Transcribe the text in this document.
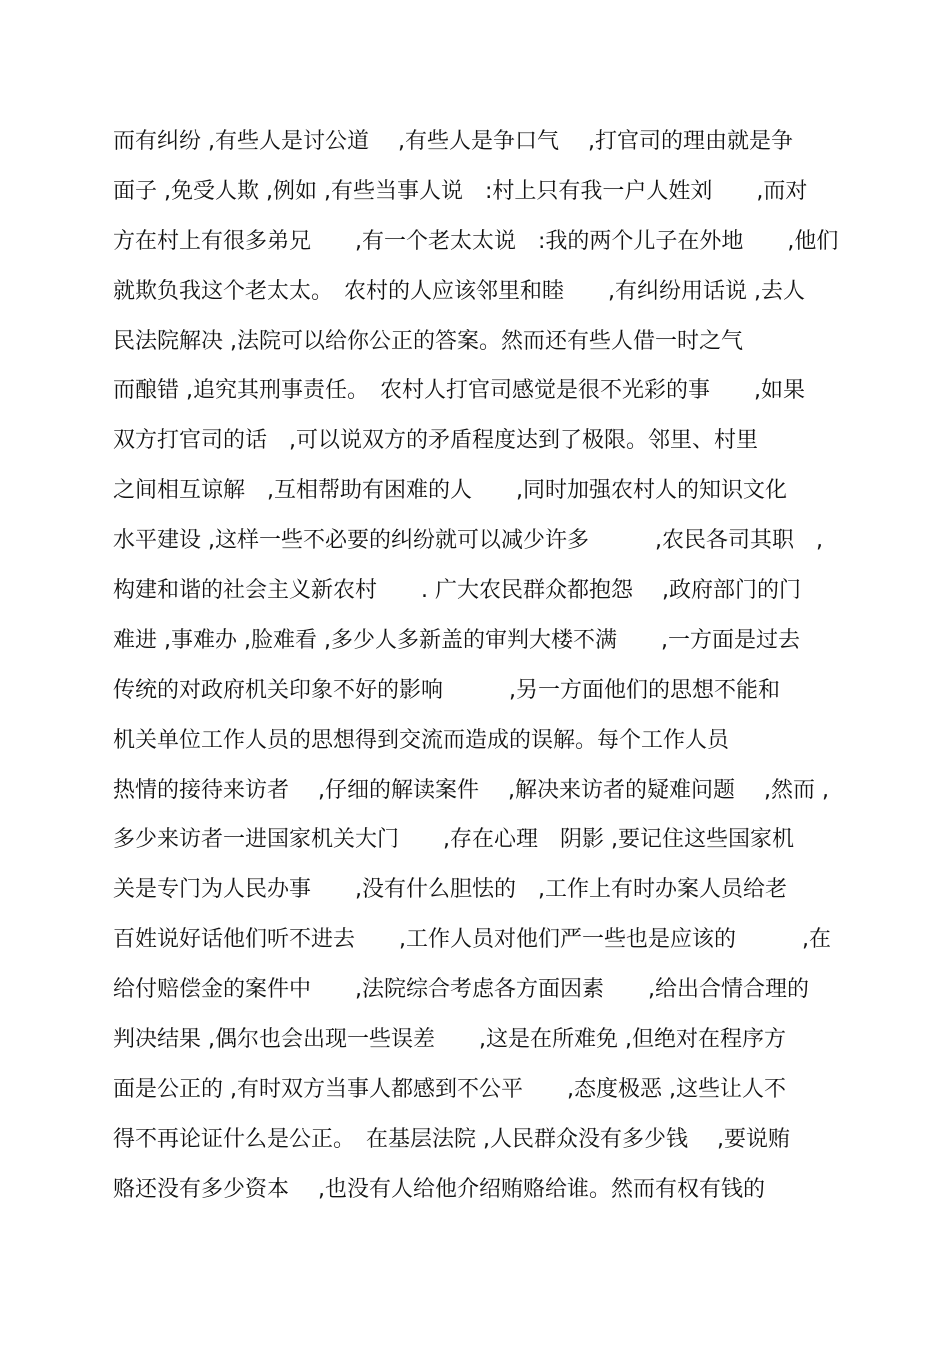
而有纠纷 ,有些人是讨公道　 ,有些人是争口气　 ,打官司的理由就是争
面子 ,免受人欺 ,例如 ,有些当事人说　:村上只有我一户人姓刘　　,而对
方在村上有很多弟兄　　,有一个老太太说　:我的两个儿子在外地　　,他们
就欺负我这个老太太。　农村的人应该邻里和睦　　,有纠纷用话说 ,去人
民法院解决 ,法院可以给你公正的答案。然而还有些人借一时之气
而酿错 ,追究其刑事责任。　农村人打官司感觉是很不光彩的事　　,如果
双方打官司的话　,可以说双方的矛盾程度达到了极限。邻里、村里
之间相互谅解　,互相帮助有困难的人　　,同时加强农村人的知识文化
水平建设 ,这样一些不必要的纠纷就可以减少许多　　　,农民各司其职　,
构建和谐的社会主义新农村　　. 广大农民群众都抱怨　 ,政府部门的门
难进 ,事难办 ,脸难看 ,多少人多新盖的审判大楼不满　　,一方面是过去
传统的对政府机关印象不好的影响　　　,另一方面他们的思想不能和
机关单位工作人员的思想得到交流而造成的误解。每个工作人员
热情的接待来访者　 ,仔细的解读案件　 ,解决来访者的疑难问题　 ,然而 ,
多少来访者一进国家机关大门　　,存在心理　阴影 ,要记住这些国家机
关是专门为人民办事　　,没有什么胆怯的　,工作上有时办案人员给老
百姓说好话他们听不进去　　,工作人员对他们严一些也是应该的　　　,在
给付赔偿金的案件中　　,法院综合考虑各方面因素　　,给出合情合理的
判决结果 ,偶尔也会出现一些误差　　,这是在所难免 ,但绝对在程序方
面是公正的 ,有时双方当事人都感到不公平　　,态度极恶 ,这些让人不
得不再论证什么是公正。　在基层法院 ,人民群众没有多少钱　 ,要说贿
赂还没有多少资本　 ,也没有人给他介绍贿赂给谁。然而有权有钱的
